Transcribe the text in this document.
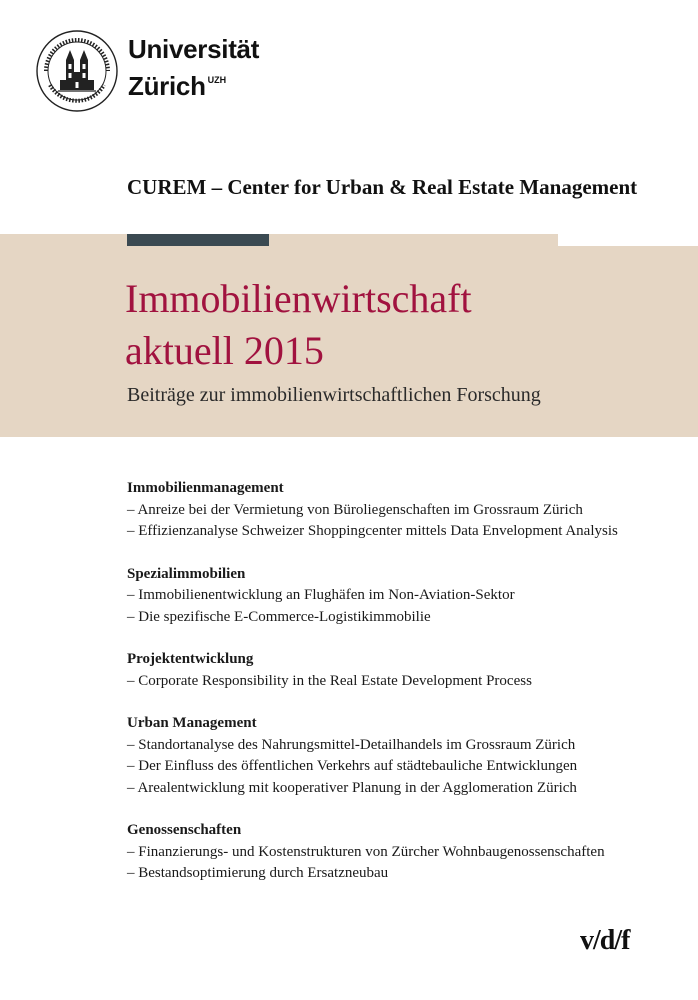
Universität
Zürich $^{UZH}$
CUREM – Center for Urban & Real Estate Management
Immobilienwirtschaft
aktuell 2015
Beiträge zur immobilienwirtschaftlichen Forschung
Immobilienmanagement
– Anreize bei der Vermietung von Büroliegenschaften im Grossraum Zürich
– Effizienzanalyse Schweizer Shoppingcenter mittels Data Envelopment Analysis
Spezialimmobilien
– Immobilienentwicklung an Flughäfen im Non-Aviation-Sektor
– Die spezifische E-Commerce-Logistikimmobilie
Projektentwicklung
– Corporate Responsibility in the Real Estate Development Process
Urban Management
– Standortanalyse des Nahrungsmittel-Detailhandels im Grossraum Zürich
– Der Einfluss des öffentlichen Verkehrs auf städtebauliche Entwicklungen
– Arealentwicklung mit kooperativer Planung in der Agglomeration Zürich
Genossenschaften
– Finanzierungs- und Kostenstrukturen von Zürcher Wohnbaugenossenschaften
– Bestandsoptimierung durch Ersatzneubau
v/d/f
